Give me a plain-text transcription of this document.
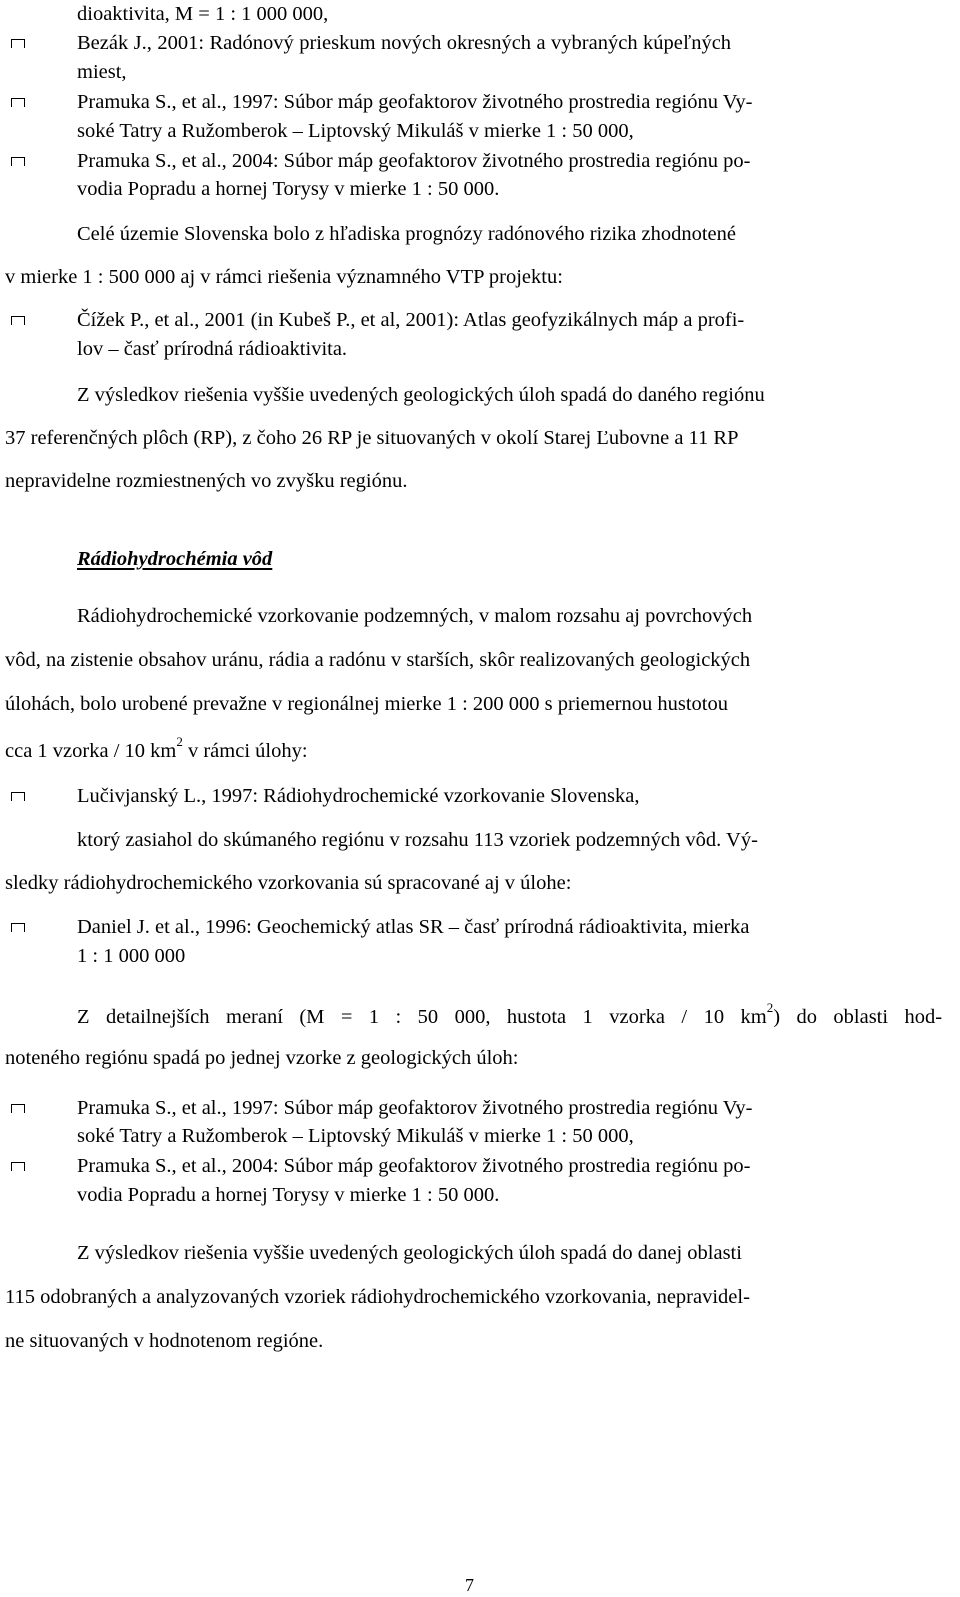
dioaktivita, M = 1 : 1 000 000,
Bezák J., 2001: Radónový prieskum nových okresných a vybraných kúpeľných
miest,
Pramuka S., et al., 1997: Súbor máp geofaktorov životného prostredia regiónu Vy-
soké Tatry a Ružomberok – Liptovský Mikuláš v mierke 1 : 50 000,
Pramuka S., et al., 2004: Súbor máp geofaktorov životného prostredia regiónu po-
vodia Popradu a hornej Torysy v mierke 1 : 50 000.
Celé územie Slovenska bolo z hľadiska prognózy radónového rizika zhodnotené
v mierke 1 : 500 000 aj v rámci riešenia významného VTP projektu:
Čížek P., et al., 2001 (in Kubeš P., et al, 2001): Atlas geofyzikálnych máp a profi-
lov – časť prírodná rádioaktivita.
Z výsledkov riešenia vyššie uvedených geologických úloh spadá do daného regiónu
37 referenčných plôch (RP), z čoho 26 RP je situovaných v okolí Starej Ľubovne a 11 RP
nepravidelne rozmiestnených vo zvyšku regiónu.
Rádiohydrochémia vôd
Rádiohydrochemické vzorkovanie podzemných, v malom rozsahu aj povrchových
vôd, na zistenie obsahov uránu, rádia a radónu v starších, skôr realizovaných geologických
úlohách, bolo urobené prevažne v regionálnej mierke 1 : 200 000 s priemernou hustotou
cca 1 vzorka / 10 $km^2$ v rámci úlohy:
Lučivjanský L., 1997: Rádiohydrochemické vzorkovanie Slovenska,
ktorý zasiahol do skúmaného regiónu v rozsahu 113 vzoriek podzemných vôd. Vý-
sledky rádiohydrochemického vzorkovania sú spracované aj v úlohe:
Daniel J. et al., 1996: Geochemický atlas SR – časť prírodná rádioaktivita, mierka
1 : 1 000 000
Z detailnejších meraní (M = 1 : 50 000, hustota 1 vzorka / 10 $km^2$) do oblasti hod-
noteného regiónu spadá po jednej vzorke z geologických úloh:
Pramuka S., et al., 1997: Súbor máp geofaktorov životného prostredia regiónu Vy-
soké Tatry a Ružomberok – Liptovský Mikuláš v mierke 1 : 50 000,
Pramuka S., et al., 2004: Súbor máp geofaktorov životného prostredia regiónu po-
vodia Popradu a hornej Torysy v mierke 1 : 50 000.
Z výsledkov riešenia vyššie uvedených geologických úloh spadá do danej oblasti
115 odobraných a analyzovaných vzoriek rádiohydrochemického vzorkovania, nepravidel-
ne situovaných v hodnotenom regióne.
7
